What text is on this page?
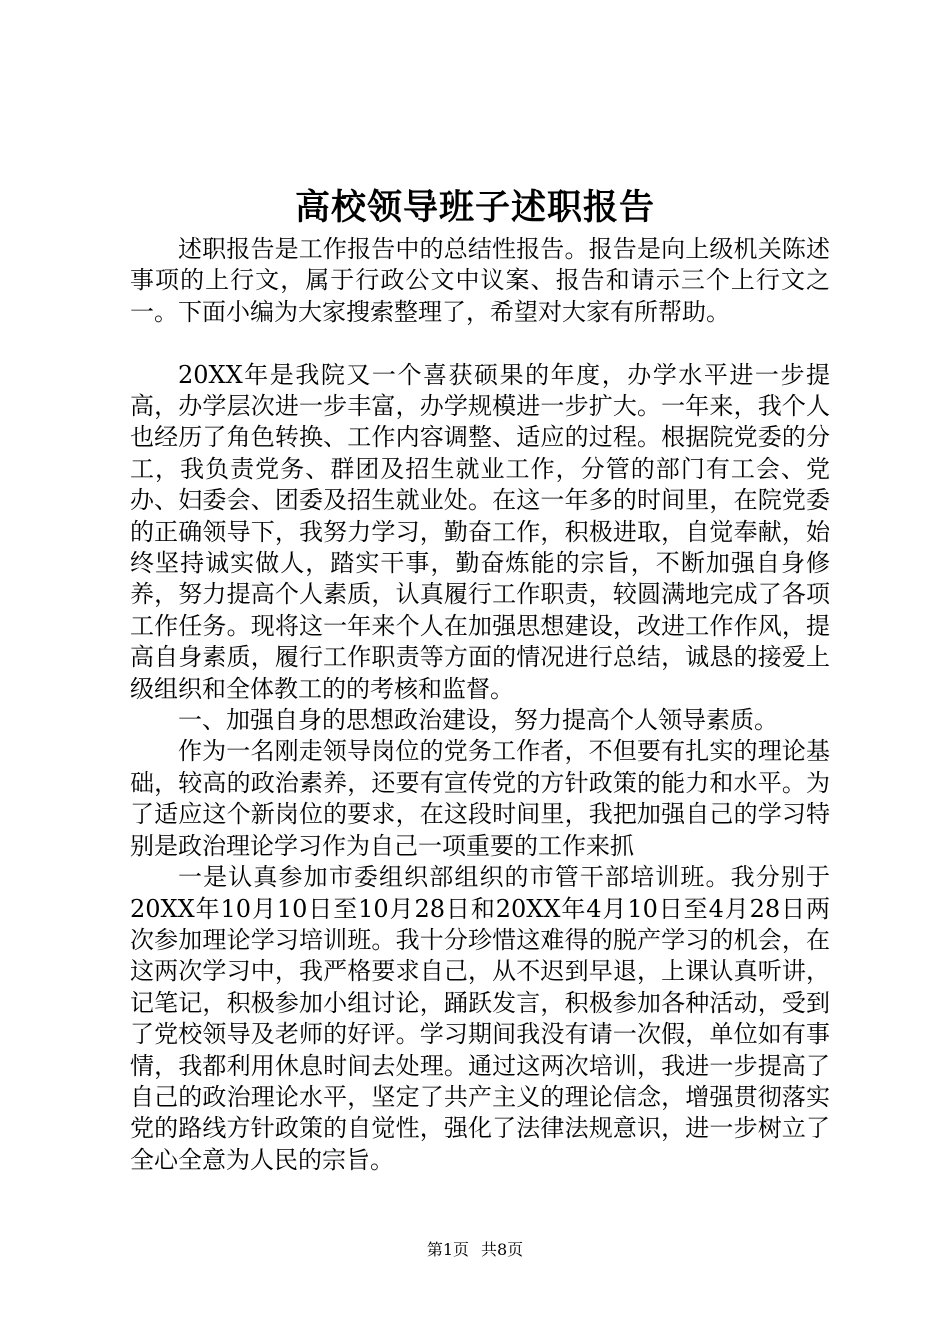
高校领导班子述职报告

述职报告是工作报告中的总结性报告。报告是向上级机关陈述事项的上行文，属于行政公文中议案、报告和请示三个上行文之一。下面小编为大家搜索整理了，希望对大家有所帮助。

20XX年是我院又一个喜获硕果的年度，办学水平进一步提高，办学层次进一步丰富，办学规模进一步扩大。一年来，我个人也经历了角色转换、工作内容调整、适应的过程。根据院党委的分工，我负责党务、群团及招生就业工作，分管的部门有工会、党办、妇委会、团委及招生就业处。在这一年多的时间里，在院党委的正确领导下，我努力学习，勤奋工作，积极进取，自觉奉献，始终坚持诚实做人，踏实干事，勤奋炼能的宗旨，不断加强自身修养，努力提高个人素质，认真履行工作职责，较圆满地完成了各项工作任务。现将这一年来个人在加强思想建设，改进工作作风，提高自身素质，履行工作职责等方面的情况进行总结，诚恳的接爱上级组织和全体教工的的考核和监督。

一、加强自身的思想政治建设，努力提高个人领导素质。

作为一名刚走领导岗位的党务工作者，不但要有扎实的理论基础，较高的政治素养，还要有宣传党的方针政策的能力和水平。为了适应这个新岗位的要求，在这段时间里，我把加强自己的学习特别是政治理论学习作为自己一项重要的工作来抓

一是认真参加市委组织部组织的市管干部培训班。我分别于20XX年10月10日至10月28日和20XX年4月10日至4月28日两次参加理论学习培训班。我十分珍惜这难得的脱产学习的机会，在这两次学习中，我严格要求自己，从不迟到早退，上课认真听讲，记笔记，积极参加小组讨论，踊跃发言，积极参加各种活动，受到了党校领导及老师的好评。学习期间我没有请一次假，单位如有事情，我都利用休息时间去处理。通过这两次培训，我进一步提高了自己的政治理论水平，坚定了共产主义的理论信念，增强贯彻落实党的路线方针政策的自觉性，强化了法律法规意识，进一步树立了全心全意为人民的宗旨。

第1页 共8页
